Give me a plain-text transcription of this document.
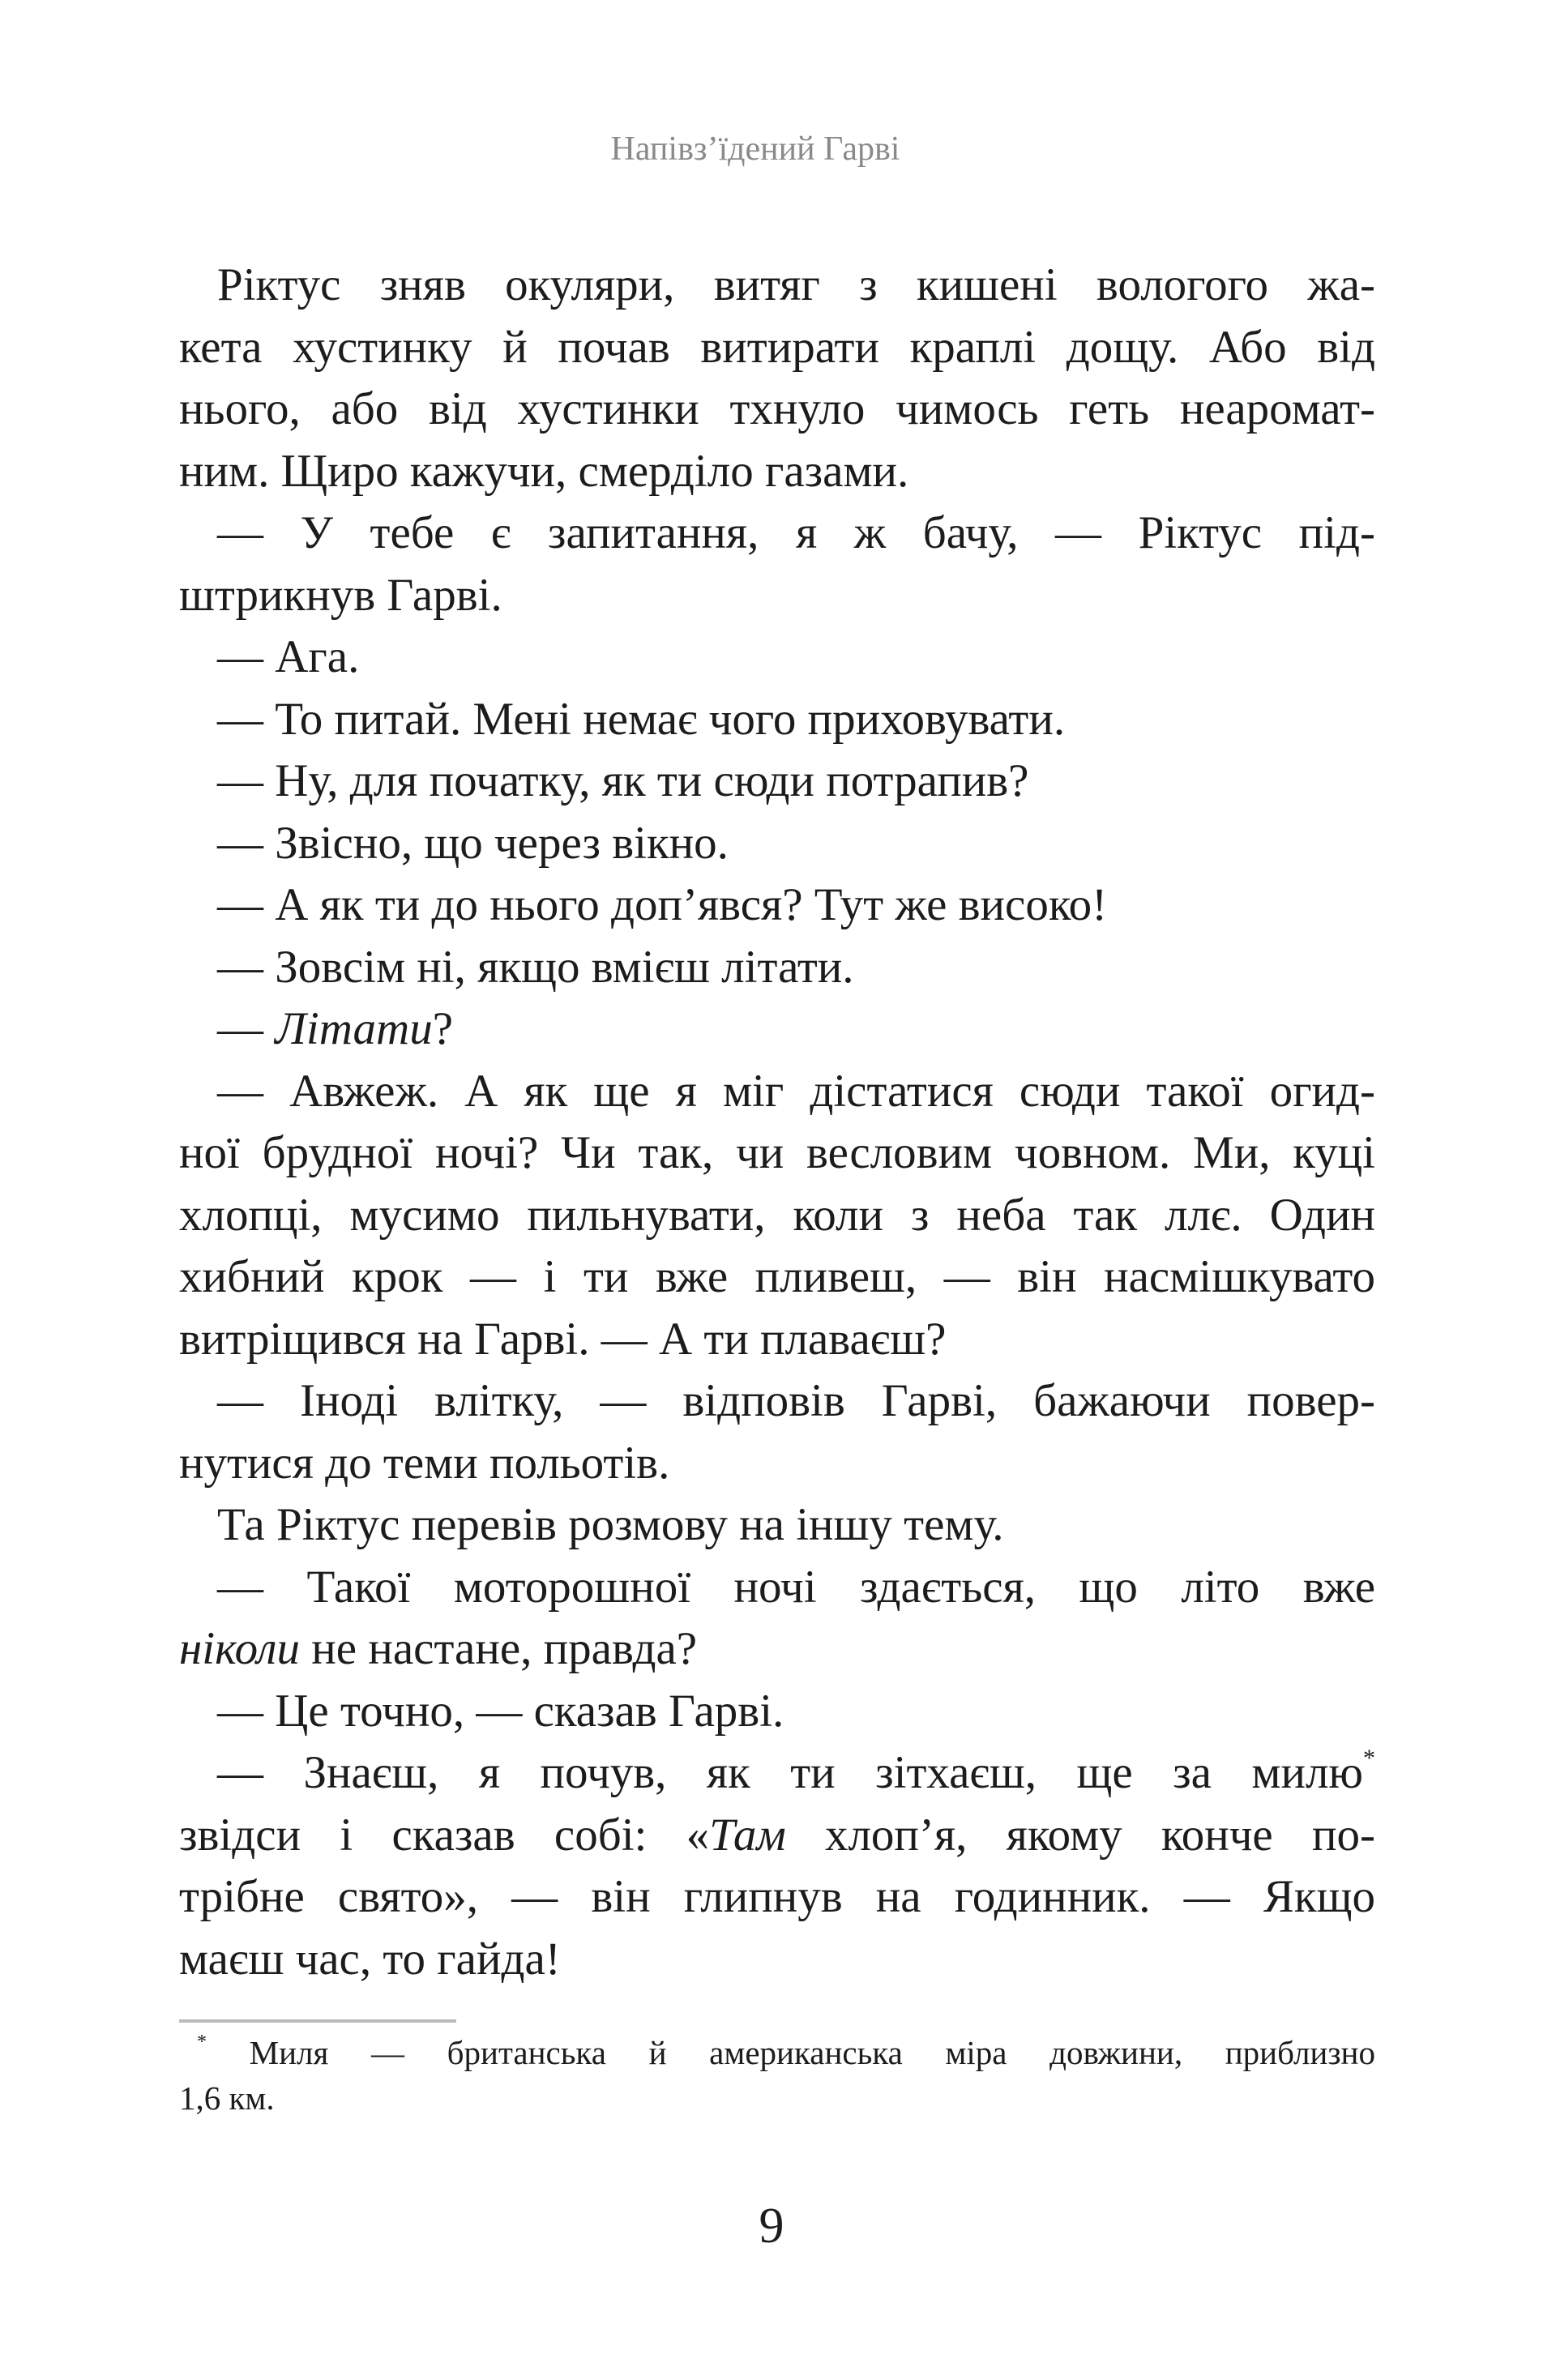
Напівз’їдений Гарві
Ріктус зняв окуляри, витяг з кишені вологого жа-
кета хустинку й почав витирати краплі дощу. Або від
нього, або від хустинки тхнуло чимось геть неаромат-
ним. Щиро кажучи, смерділо газами.
— У тебе є запитання, я ж бачу, — Ріктус під-
штрикнув Гарві.
— Ага.
— То питай. Мені немає чого приховувати.
— Ну, для початку, як ти сюди потрапив?
— Звісно, що через вікно.
— А як ти до нього доп’явся? Тут же високо!
— Зовсім ні, якщо вмієш літати.
— Літати?
— Авжеж. А як ще я міг дістатися сюди такої огид-
ної брудної ночі? Чи так, чи весловим човном. Ми, куці
хлопці, мусимо пильнувати, коли з неба так ллє. Один
хибний крок — і ти вже пливеш, — він насмішкувато
витріщився на Гарві. — А ти плаваєш?
— Іноді влітку, — відповів Гарві, бажаючи повер-
нутися до теми польотів.
Та Ріктус перевів розмову на іншу тему.
— Такої моторошної ночі здається, що літо вже
ніколи не настане, правда?
— Це точно, — сказав Гарві.
— Знаєш, я почув, як ти зітхаєш, ще за милю*
звідси і сказав собі: «Там хлоп’я, якому конче по-
трібне свято», — він глипнув на годинник. — Якщо
маєш час, то гайда!
* Миля — британська й американська міра довжини, приблизно
1,6 км.
9
